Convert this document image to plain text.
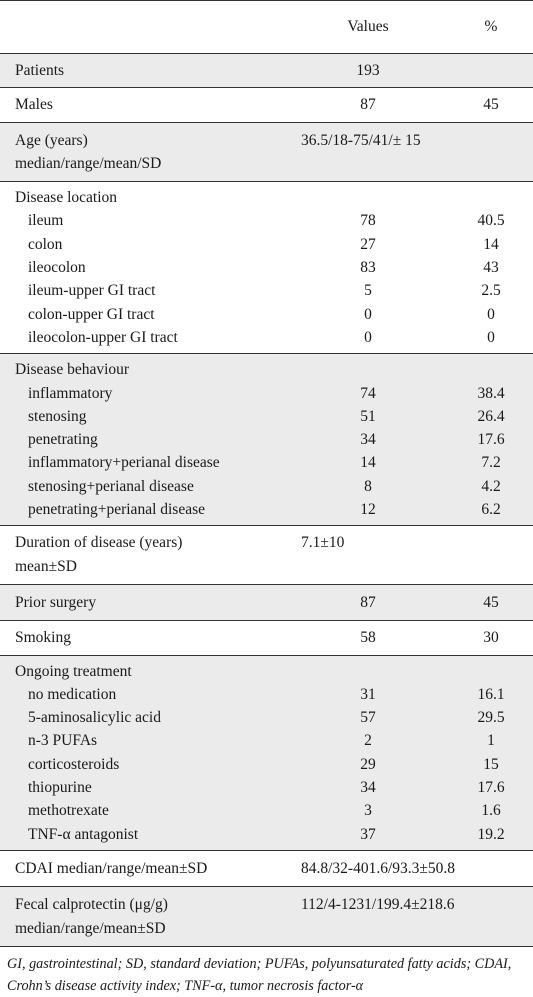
Values	%
Patients	193
Males	87	45
Age (years)	36.5/18-75/41/± 15
median/range/mean/SD
Disease location
ileum	78	40.5
colon	27	14
ileocolon	83	43
ileum-upper GI tract	5	2.5
colon-upper GI tract	0	0
ileocolon-upper GI tract	0	0
Disease behaviour
inflammatory	74	38.4
stenosing	51	26.4
penetrating	34	17.6
inflammatory+perianal disease	14	7.2
stenosing+perianal disease	8	4.2
penetrating+perianal disease	12	6.2
Duration of disease (years)	7.1±10
mean±SD
Prior surgery	87	45
Smoking	58	30
Ongoing treatment
no medication	31	16.1
5-aminosalicylic acid	57	29.5
n-3 PUFAs	2	1
corticosteroids	29	15
thiopurine	34	17.6
methotrexate	3	1.6
TNF-α antagonist	37	19.2
CDAI median/range/mean±SD	84.8/32-401.6/93.3±50.8
Fecal calprotectin (μg/g)	112/4-1231/199.4±218.6
median/range/mean±SD
GI, gastrointestinal; SD, standard deviation; PUFAs, polyunsaturated fatty acids; CDAI, Crohn’s disease activity index; TNF-α, tumor necrosis factor-α
